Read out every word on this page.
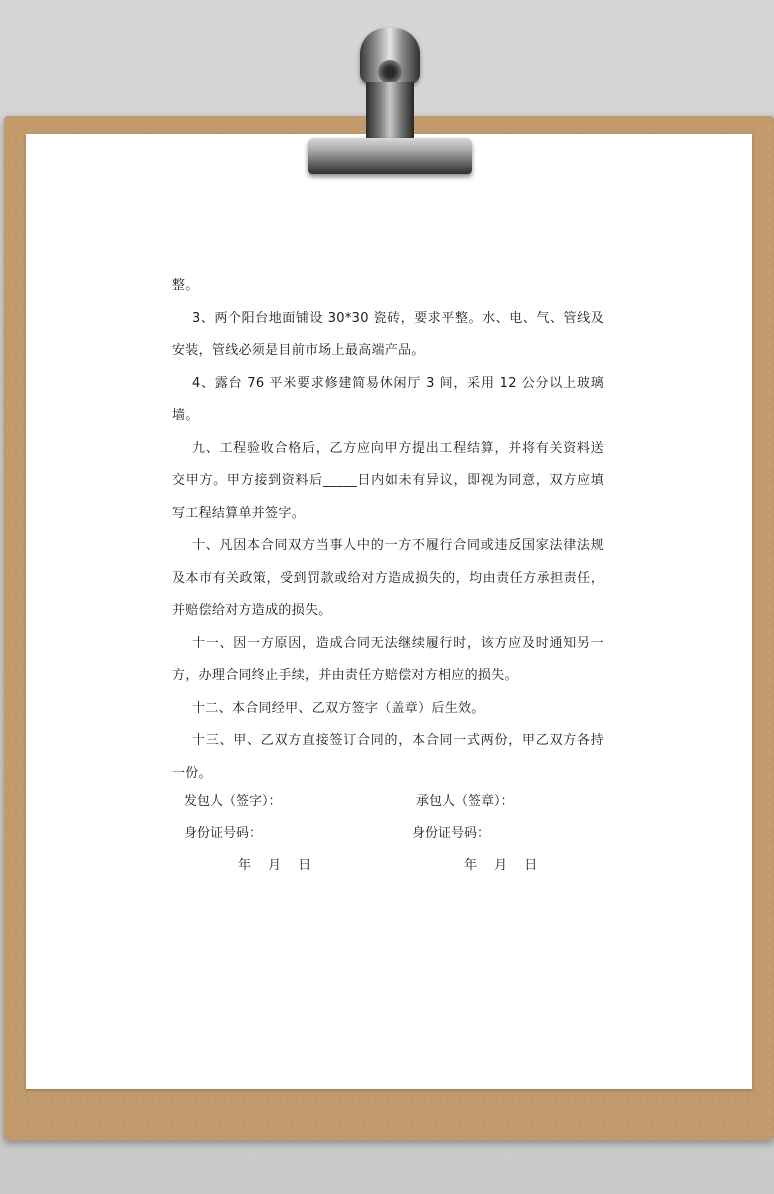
整。

3、两个阳台地面铺设 30*30 瓷砖，要求平整。水、电、气、管线及安装，管线必须是目前市场上最高端产品。

4、露台 76 平米要求修建简易休闲厅 3 间，采用 12 公分以上玻璃墙。

九、工程验收合格后，乙方应向甲方提出工程结算，并将有关资料送交甲方。甲方接到资料后_____日内如未有异议，即视为同意，双方应填写工程结算单并签字。

十、凡因本合同双方当事人中的一方不履行合同或违反国家法律法规及本市有关政策，受到罚款或给对方造成损失的，均由责任方承担责任，并赔偿给对方造成的损失。

十一、因一方原因，造成合同无法继续履行时，该方应及时通知另一方，办理合同终止手续，并由责任方赔偿对方相应的损失。

十二、本合同经甲、乙双方签字（盖章）后生效。

十三、甲、乙双方直接签订合同的，本合同一式两份，甲乙双方各持一份。

发包人（签字）：	承包人（签章）：
身份证号码：	身份证号码：
年　 月　 日	年　 月　 日
